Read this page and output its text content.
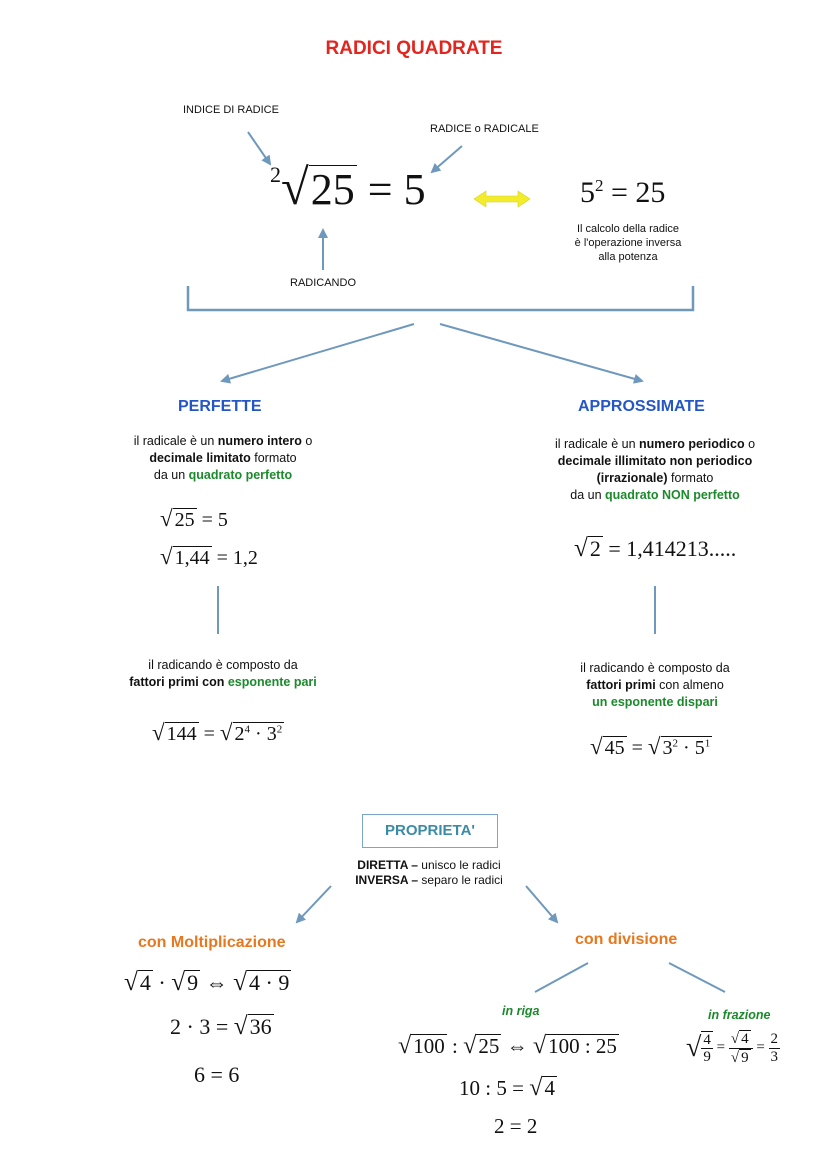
RADICI QUADRATE
INDICE DI RADICE
RADICE o RADICALE
RADICANDO
$^2$√25 = 5	$5^2 = 25$
Il calcolo della radice
è l'operazione inversa
alla potenza
PERFETTE
il radicale è un numero intero o
decimale limitato formato
da un quadrato perfetto
√ 25 = 5
√ 1,44 = 1,2
il radicando è composto da
fattori primi con esponente pari
√ 144 = √ $2^4 \cdot 3^2$
APPROSSIMATE
il radicale è un numero periodico o
decimale illimitato non periodico
(irrazionale) formato
da un quadrato NON perfetto
√2 = 1,414213.....
il radicando è composto da
fattori primi con almeno
un esponente dispari
√ 45 = √ $3^2 \cdot 5^1$
PROPRIETA'
DIRETTA – unisco le radici
INVERSA – separo le radici
con Moltiplicazione
√4 · √9 ⇔ √4 · 9
2 · 3 = √36
6 = 6
con divisione
in riga	in frazione
√100 : √25 ⇔ √100 : 25
10 : 5 = √4
2 = 2
√ $\frac{4}{9} = \frac{√ 4}{√ 9} = \frac{2}{3}$
